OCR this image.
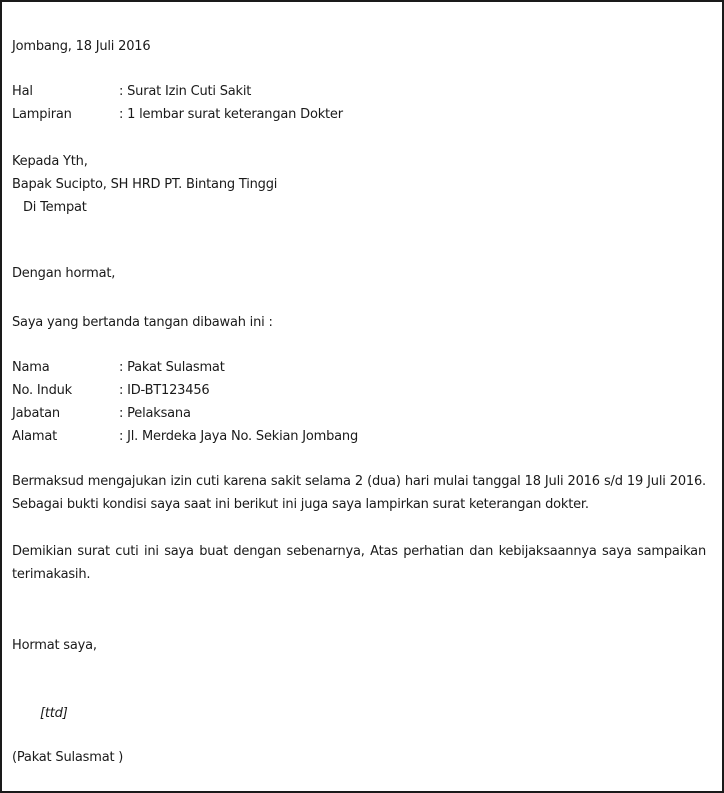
Jombang, 18 Juli 2016
Hal	: Surat Izin Cuti Sakit
Lampiran	: 1 lembar surat keterangan Dokter
Kepada Yth,
Bapak Sucipto, SH HRD PT. Bintang Tinggi
Di Tempat
Dengan hormat,
Saya yang bertanda tangan dibawah ini :
Nama	: Pakat Sulasmat
No. Induk	: ID-BT123456
Jabatan	: Pelaksana
Alamat	: Jl. Merdeka Jaya No. Sekian Jombang
Bermaksud mengajukan izin cuti karena sakit selama 2 (dua) hari mulai tanggal 18 Juli 2016 s/d 19 Juli 2016. Sebagai bukti kondisi saya saat ini berikut ini juga saya lampirkan surat keterangan dokter.
Demikian surat cuti ini saya buat dengan sebenarnya, Atas perhatian dan kebijaksaannya saya sampaikan terimakasih.
Hormat saya,
[ttd]
(Pakat Sulasmat )
